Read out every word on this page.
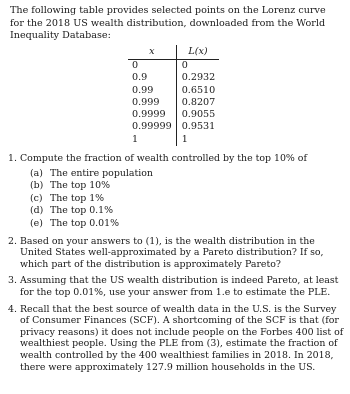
The following table provides selected points on the Lorenz curve for the 2018 US wealth distribution, downloaded from the World Inequality Database:

x	L(x)
0	0
0.9	0.2932
0.99	0.6510
0.999	0.8207
0.9999	0.9055
0.99999	0.9531
1	1
1. Compute the fraction of wealth controlled by the top 10% of
(a) The entire population
(b) The top 10%
(c) The top 1%
(d) The top 0.1%
(e) The top 0.01%
2. Based on your answers to (1), is the wealth distribution in the United States well-approximated by a Pareto distribution? If so, which part of the distribution is approximately Pareto?
3. Assuming that the US wealth distribution is indeed Pareto, at least for the top 0.01%, use your answer from 1.e to estimate the PLE.
4. Recall that the best source of wealth data in the U.S. is the Survey of Consumer Finances (SCF). A shortcoming of the SCF is that (for privacy reasons) it does not include people on the Forbes 400 list of wealthiest people. Using the PLE from (3), estimate the fraction of wealth controlled by the 400 wealthiest families in 2018. In 2018, there were approximately 127.9 million households in the US.
